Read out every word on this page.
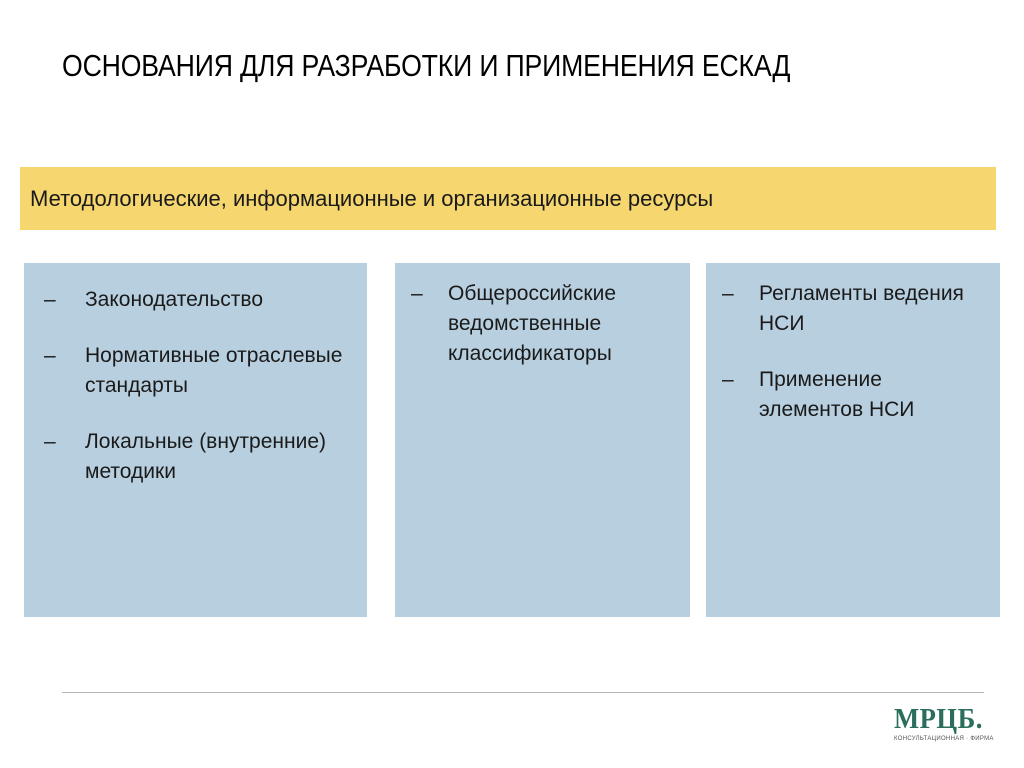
ОСНОВАНИЯ ДЛЯ РАЗРАБОТКИ И ПРИМЕНЕНИЯ ЕСКАД
Методологические, информационные и организационные ресурсы
– Законодательство
– Нормативные отраслевые стандарты
– Локальные (внутренние) методики
– Общероссийские ведомственные классификаторы
– Регламенты ведения НСИ
– Применение элементов НСИ
МРЦБ.
КОНСУЛЬТАЦИОННАЯ · ФИРМА
